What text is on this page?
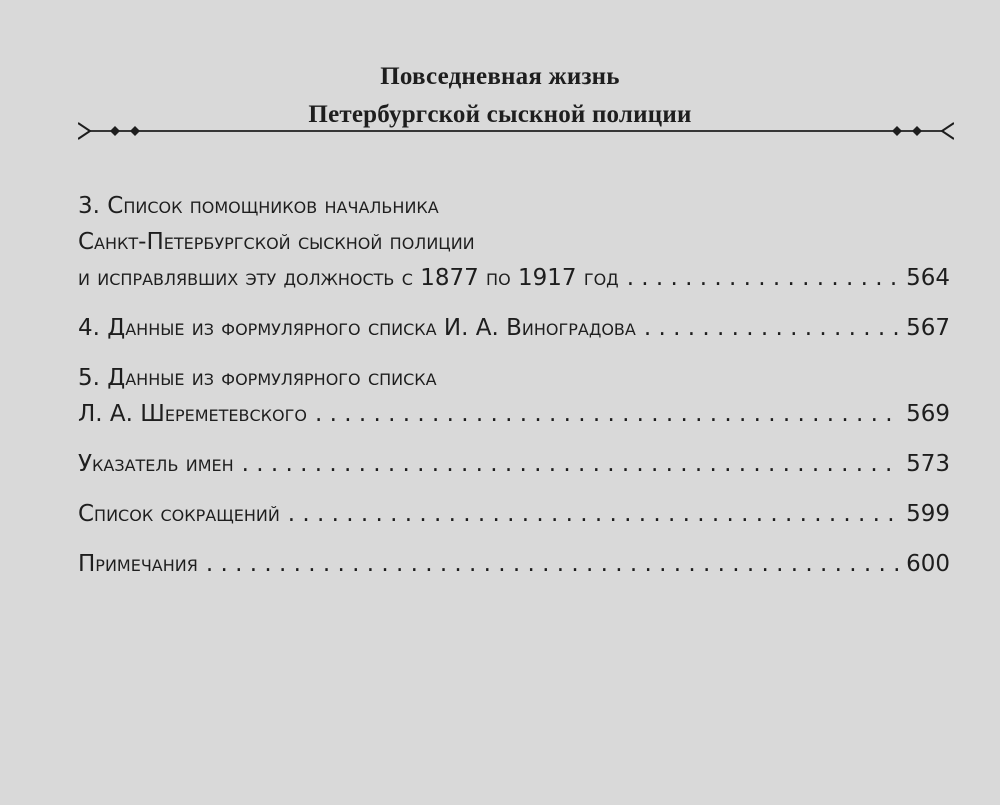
Повседневная жизнь
Петербургской сыскной полиции
3. Список помощников начальника
Санкт-Петербургской сыскной полиции
и исправлявших эту должность с 1877 по 1917 год . . .	564
4. Данные из формулярного списка И. А. Виноградова . . .	567
5. Данные из формулярного списка
Л. А. Шереметевского . . .	569
Указатель имен . . .	573
Список сокращений . . .	599
Примечания . . .	600
